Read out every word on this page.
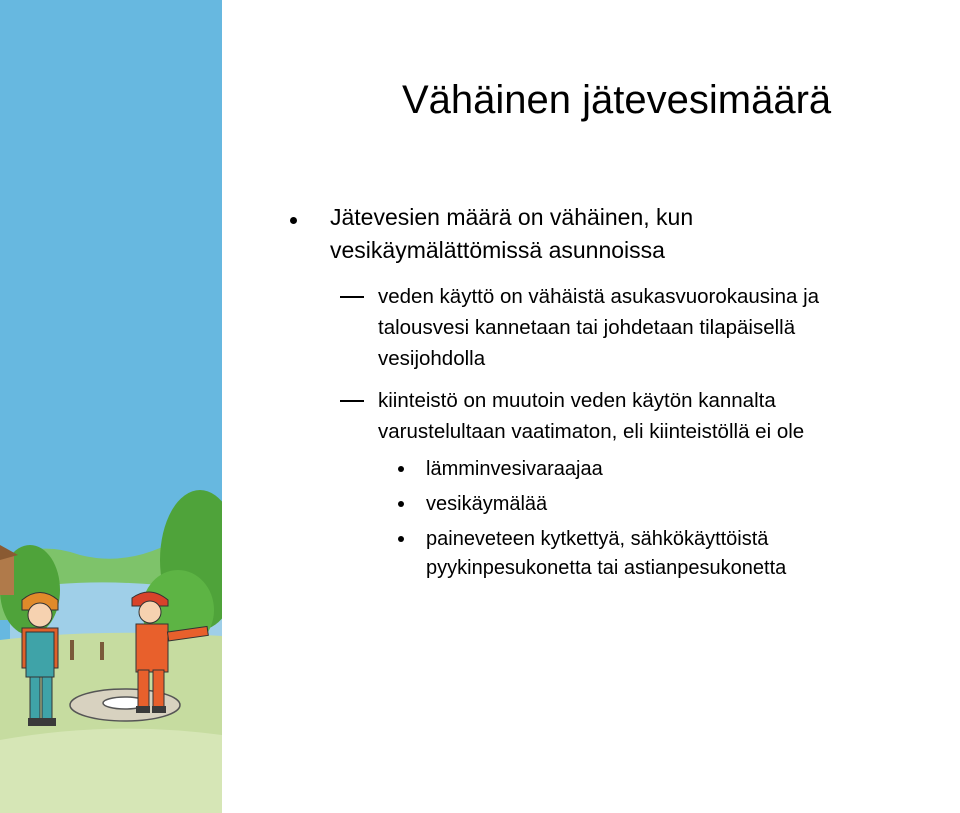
Vähäinen jätevesimäärä
Jätevesien määrä on vähäinen, kun
vesikäymälättömissä asunnoissa
veden käyttö on vähäistä asukasvuorokausina ja
talousvesi kannetaan tai johdetaan tilapäisellä
vesijohdolla
kiinteistö on muutoin veden käytön kannalta
varustelultaan vaatimaton, eli kiinteistöllä ei ole
lämminvesivaraajaa
vesikäymälää
paineveteen kytkettyä, sähkökäyttöistä
pyykinpesukonetta tai astianpesukonetta
